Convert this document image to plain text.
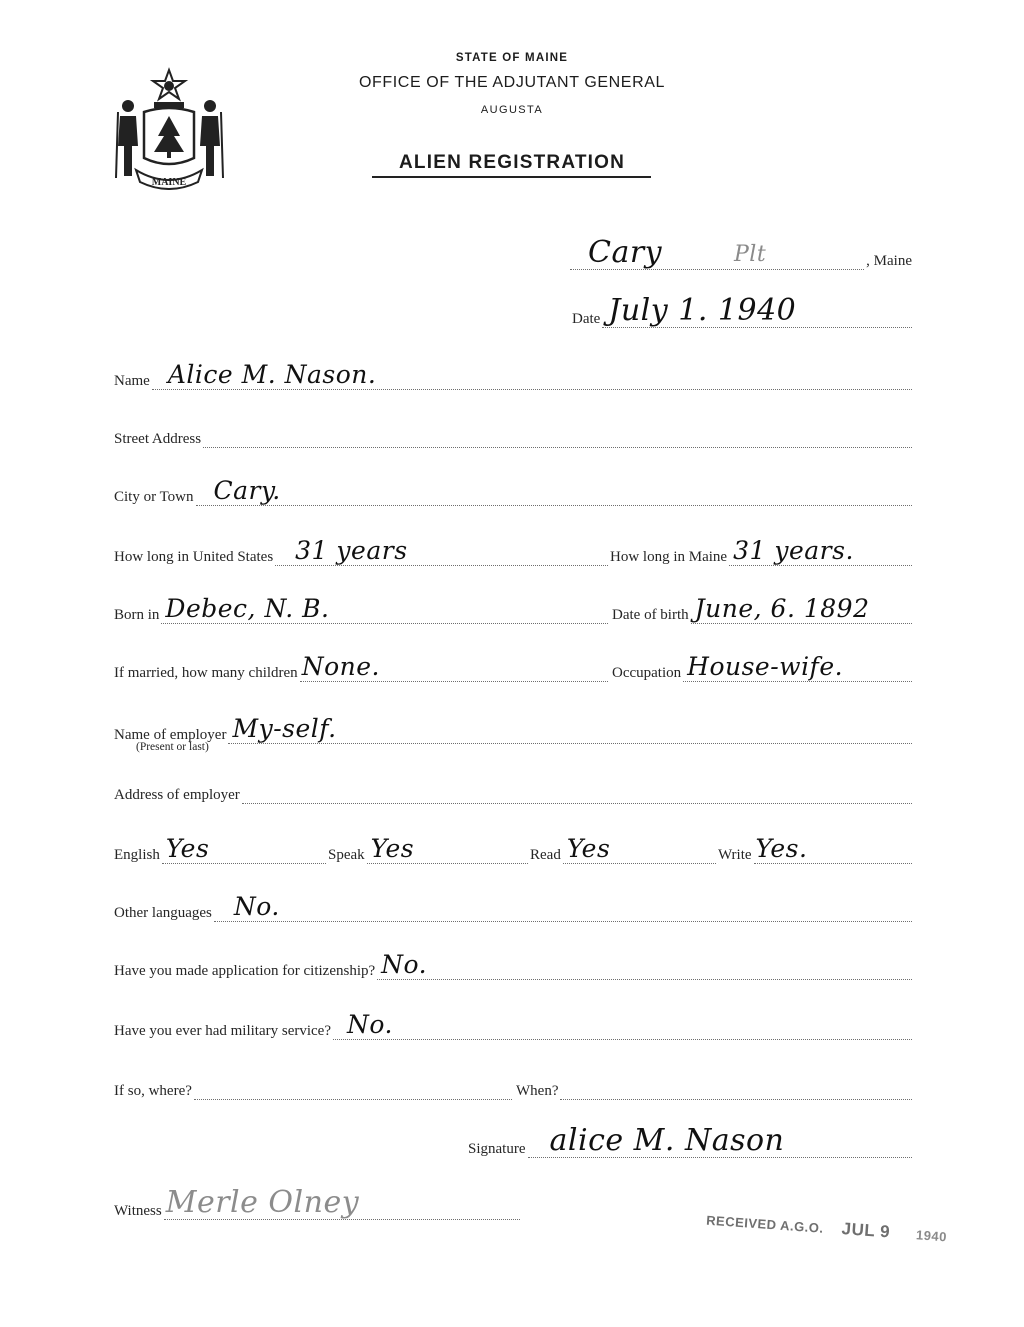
MAINE
STATE OF MAINE
OFFICE OF THE ADJUTANT GENERAL
AUGUSTA
ALIEN REGISTRATION
Cary	Plt	, Maine
Date July 1. 1940
Name Alice M. Nason.
Street Address
City or Town Cary.
How long in United States 31 years	How long in Maine 31 years.
Born in Debec, N. B.	Date of birth June, 6. 1892
If married, how many children None.	Occupation House-wife.
Name of employer My-self.
(Present or last)
Address of employer
English Yes	Speak Yes	Read Yes	Write Yes.
Other languages No.
Have you made application for citizenship? No.
Have you ever had military service? No.
If so, where?	When?
Signature alice M. Nason
Witness Merle Olney
RECEIVED A.G.O. JUL 9 1940
